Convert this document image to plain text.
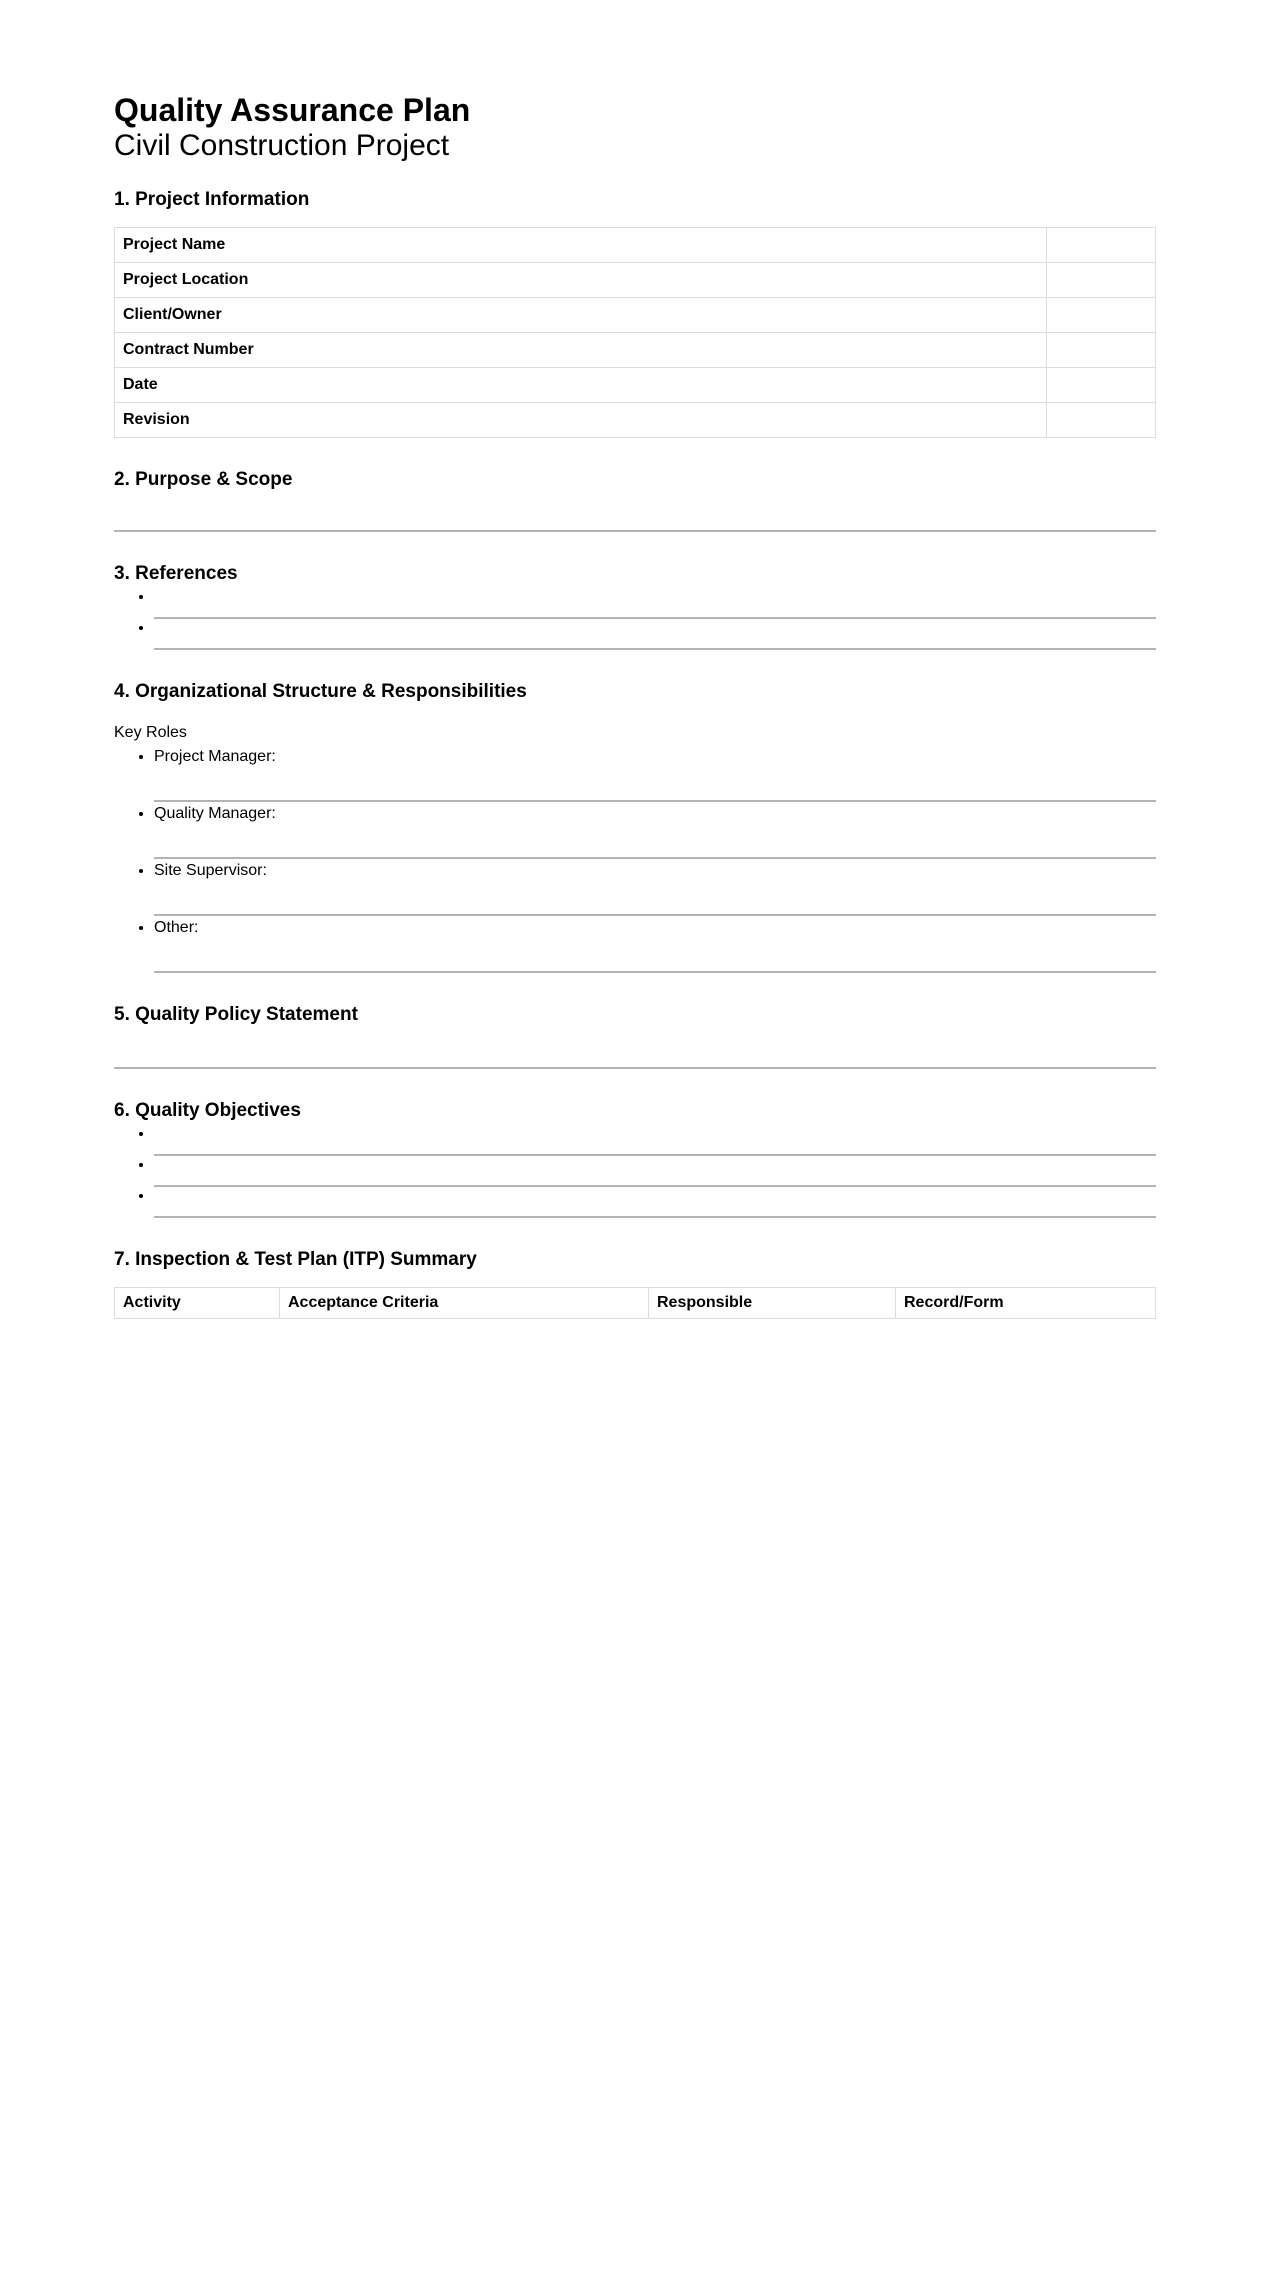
Quality Assurance Plan
Civil Construction Project
1. Project Information
Project Name	
Project Location	
Client/Owner	
Contract Number	
Date	
Revision	
2. Purpose & Scope
3. References
•
•
4. Organizational Structure & Responsibilities
Key Roles
• Project Manager:
• Quality Manager:
• Site Supervisor:
• Other:
5. Quality Policy Statement
6. Quality Objectives
•
•
•
7. Inspection & Test Plan (ITP) Summary
Activity	Acceptance Criteria	Responsible	Record/Form
